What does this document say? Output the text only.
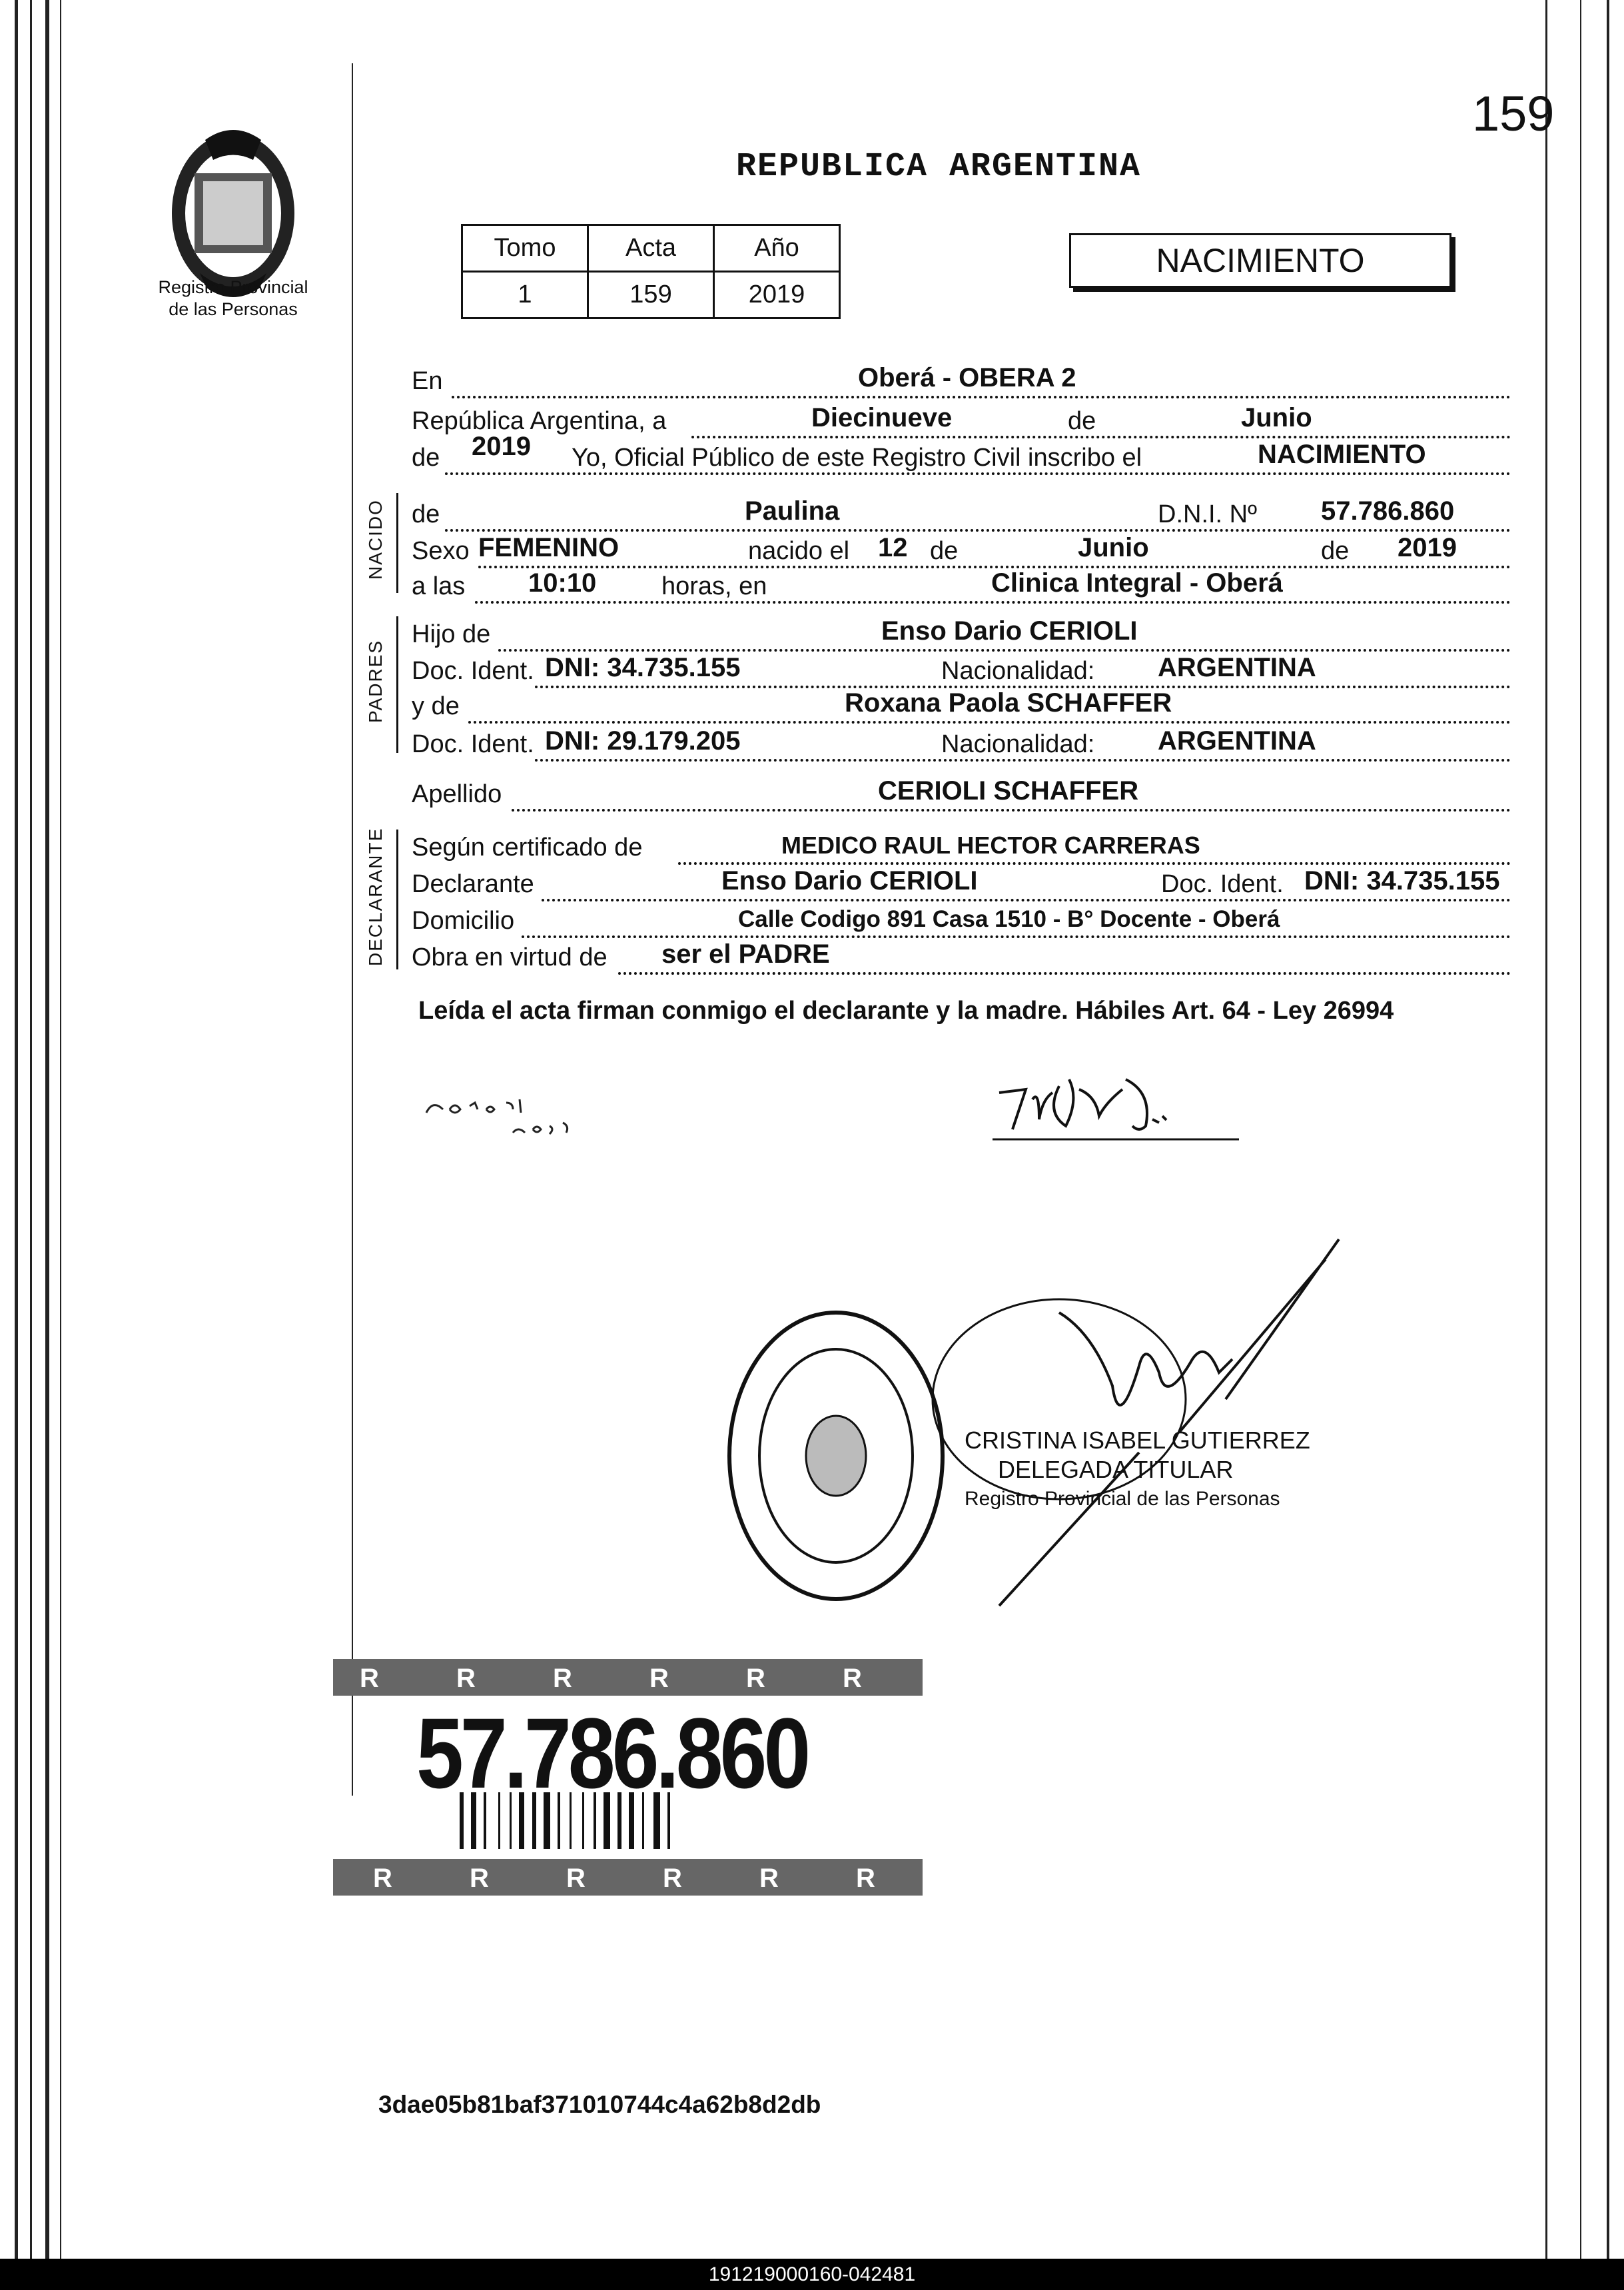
159
Registro Provincial
de las Personas
REPUBLICA ARGENTINA
Tomo	Acta	Año
1	159	2019
NACIMIENTO
En	Oberá - OBERA 2
República Argentina, a	Diecinueve	de	Junio
de 2019 Yo, Oficial Público de este Registro Civil inscribo el	NACIMIENTO
NACIDO de	Paulina	D.N.I. Nº 57.786.860
Sexo FEMENINO	nacido el 12 de	Junio	de 2019
a las 10:10	horas, en	Clinica Integral - Oberá
PADRES
Hijo de	Enso Dario CERIOLI
Doc. Ident. DNI: 34.735.155	Nacionalidad: ARGENTINA
y de	Roxana Paola SCHAFFER
Doc. Ident. DNI: 29.179.205	Nacionalidad: ARGENTINA
Apellido	CERIOLI SCHAFFER
DECLARANTE Según certificado de	MEDICO RAUL HECTOR CARRERAS
Declarante	Enso Dario CERIOLI	Doc. Ident. DNI: 34.735.155
Domicilio	Calle Codigo 891 Casa 1510 - B° Docente - Oberá
Obra en virtud de ser el PADRE
Leída el acta firman conmigo el declarante y la madre. Hábiles Art. 64 - Ley 26994
CRISTINA ISABEL GUTIERREZ
DELEGADA TITULAR
Registro Provincial de las Personas
R	R	R	R	R	R
R	R	R	R	R	R
57.786.860
3dae05b81baf371010744c4a62b8d2db
191219000160-042481
